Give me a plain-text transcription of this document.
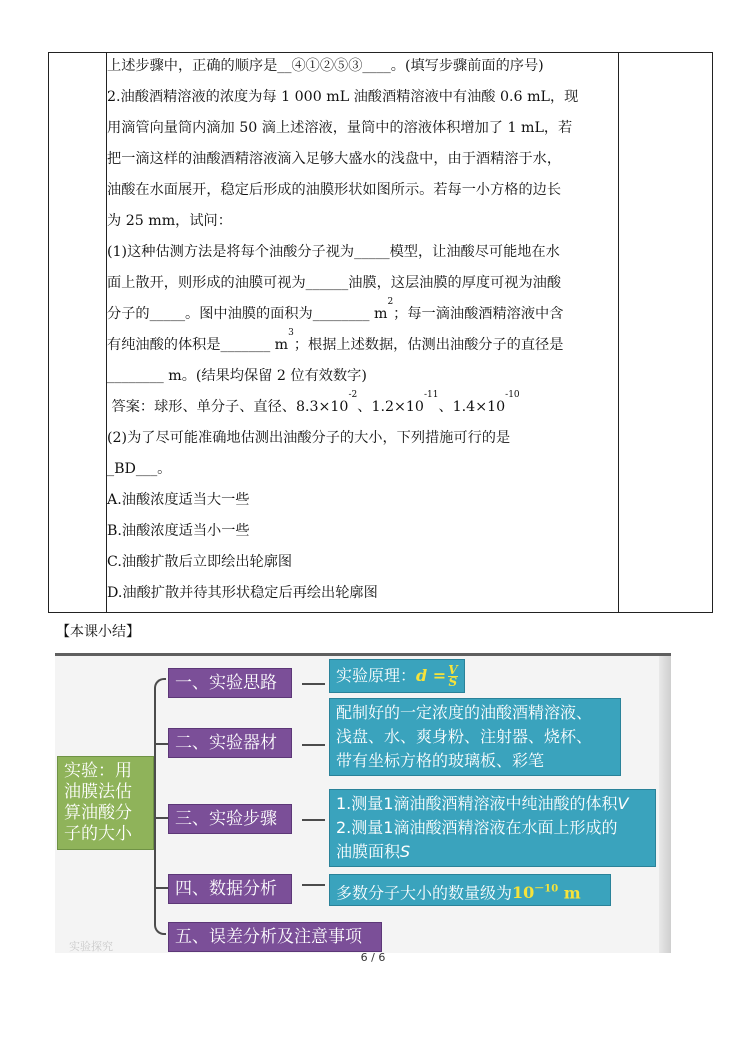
上述步骤中，正确的顺序是__④①②⑤③____。(填写步骤前面的序号)
2.油酸酒精溶液的浓度为每 1 000 mL 油酸酒精溶液中有油酸 0.6 mL，现
用滴管向量筒内滴加 50 滴上述溶液，量筒中的溶液体积增加了 1 mL，若
把一滴这样的油酸酒精溶液滴入足够大盛水的浅盘中，由于酒精溶于水，
油酸在水面展开，稳定后形成的油膜形状如图所示。若每一小方格的边长
为 25 mm，试问：
(1)这种估测方法是将每个油酸分子视为_____模型，让油酸尽可能地在水
面上散开，则形成的油膜可视为______油膜，这层油膜的厚度可视为油酸
分子的_____。图中油膜的面积为________ $m^2$；每一滴油酸酒精溶液中含
有纯油酸的体积是_______ $m^3$；根据上述数据，估测出油酸分子的直径是
________ m。(结果均保留 2 位有效数字)
答案：球形、单分子、直径、$8.3\times 10^{-2}$、$1.2\times 10^{-11}$、$1.4\times 10^{-10}$
(2)为了尽可能准确地估测出油酸分子的大小，下列措施可行的是
_BD___。
A.油酸浓度适当大一些
B.油酸浓度适当小一些
C.油酸扩散后立即绘出轮廓图
D.油酸扩散并待其形状稳定后再绘出轮廓图
【本课小结】
实验：用
油膜法估
算油酸分
子的大小
一、实验思路
二、实验器材
三、实验步骤
四、数据分析
五、误差分析及注意事项
实验原理：$d = \frac{V}{S}$
配制好的一定浓度的油酸酒精溶液、
浅盘、水、爽身粉、注射器、烧杯、
带有坐标方格的玻璃板、彩笔
1.测量1滴油酸酒精溶液中纯油酸的体积V
2.测量1滴油酸酒精溶液在水面上形成的
油膜面积S
多数分子大小的数量级为$10^{-10}$ m
实验探究
6 / 6
